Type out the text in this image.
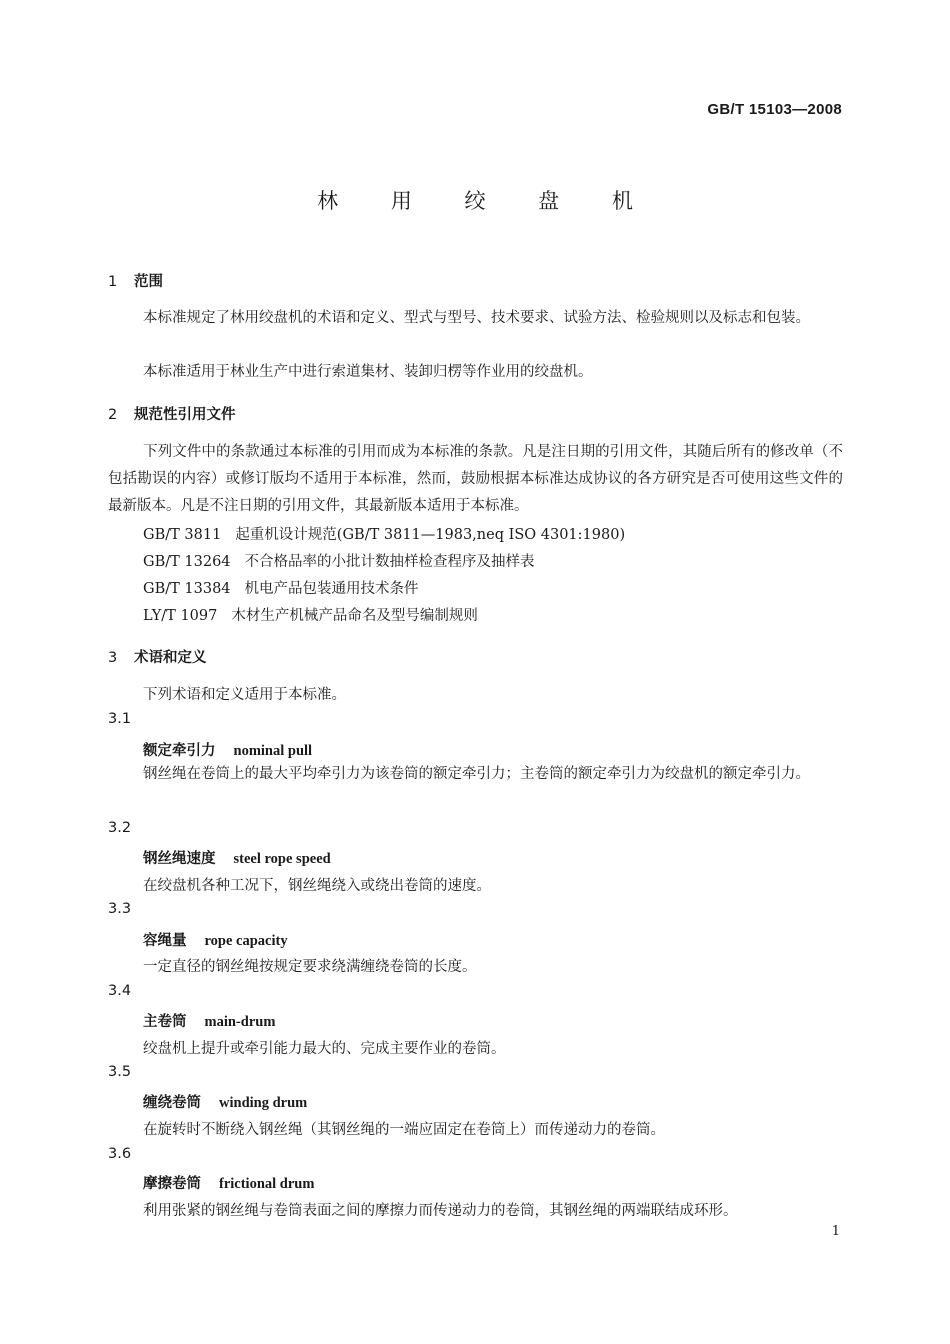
GB/T 15103—2008
林 用 绞 盘 机
1 范围
本标准规定了林用绞盘机的术语和定义、型式与型号、技术要求、试验方法、检验规则以及标志和包装。
本标准适用于林业生产中进行索道集材、装卸归楞等作业用的绞盘机。
2 规范性引用文件
下列文件中的条款通过本标准的引用而成为本标准的条款。凡是注日期的引用文件，其随后所有的修改单（不包括勘误的内容）或修订版均不适用于本标准，然而，鼓励根据本标准达成协议的各方研究是否可使用这些文件的最新版本。凡是不注日期的引用文件，其最新版本适用于本标准。
GB/T 3811 起重机设计规范(GB/T 3811—1983,neq ISO 4301:1980)
GB/T 13264 不合格品率的小批计数抽样检查程序及抽样表
GB/T 13384 机电产品包装通用技术条件
LY/T 1097 木材生产机械产品命名及型号编制规则
3 术语和定义
下列术语和定义适用于本标准。
3.1
额定牵引力 nominal pull
钢丝绳在卷筒上的最大平均牵引力为该卷筒的额定牵引力；主卷筒的额定牵引力为绞盘机的额定牵引力。
3.2
钢丝绳速度 steel rope speed
在绞盘机各种工况下，钢丝绳绕入或绕出卷筒的速度。
3.3
容绳量 rope capacity
一定直径的钢丝绳按规定要求绕满缠绕卷筒的长度。
3.4
主卷筒 main-drum
绞盘机上提升或牵引能力最大的、完成主要作业的卷筒。
3.5
缠绕卷筒 winding drum
在旋转时不断绕入钢丝绳（其钢丝绳的一端应固定在卷筒上）而传递动力的卷筒。
3.6
摩擦卷筒 frictional drum
利用张紧的钢丝绳与卷筒表面之间的摩擦力而传递动力的卷筒，其钢丝绳的两端联结成环形。
1
